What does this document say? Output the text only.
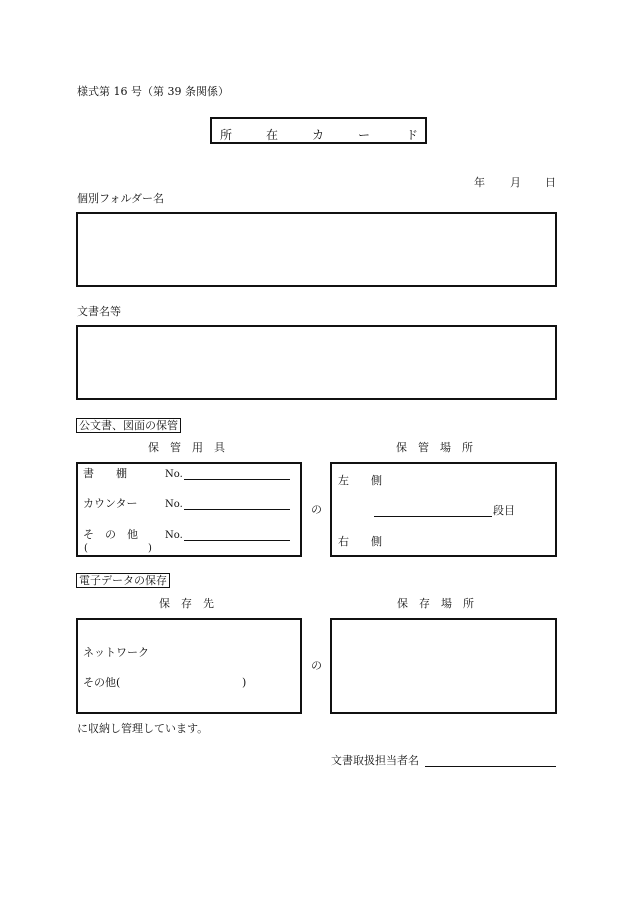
様式第 16 号（第 39 条関係）
所	在	カ	ー	ド
年 月 日
個別フォルダー名
文書名等
公文書、図面の保管
保　管　用　具	保　管　場　所
書　　棚	No.
カウンター	No.
そ　の　他	No.
(	)
の
左　　側
段目
右　　側
電子データの保存
保　存　先	保　存　場　所
ネットワーク
その他(	)
の
に収納し管理しています。
文書取扱担当者名
